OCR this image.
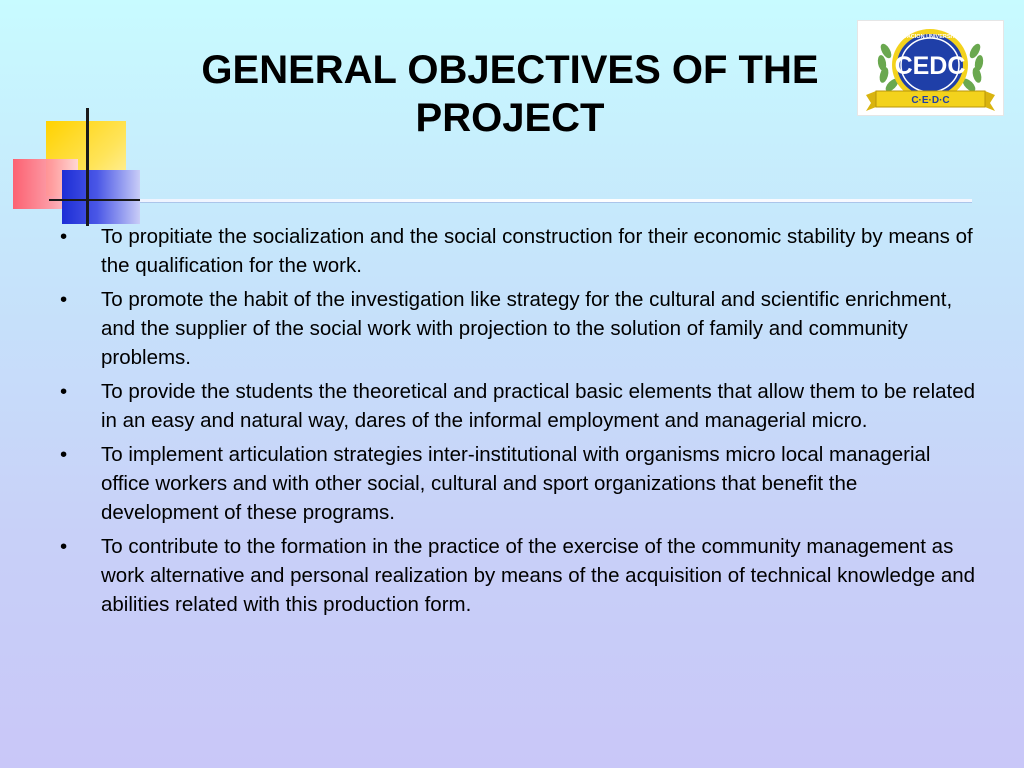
GENERAL OBJECTIVES OF THE PROJECT
FUNDACION UNIVERSITARIA
CEDC
C·E·D·C
• To propitiate the socialization and the social construction for their economic stability by means of the qualification for the work.
• To promote the habit of the investigation like strategy for the cultural and scientific enrichment, and the supplier of the social work with projection to the solution of family and community problems.
• To provide the students the theoretical and practical basic elements that allow them to be related in an easy and natural way, dares of the informal employment and managerial micro.
• To implement articulation strategies inter-institutional with organisms micro local managerial office workers and with other social, cultural and sport organizations that benefit the development of these programs.
• To contribute to the formation in the practice of the exercise of the community management as work alternative and personal realization by means of the acquisition of technical knowledge and abilities related with this production form.
